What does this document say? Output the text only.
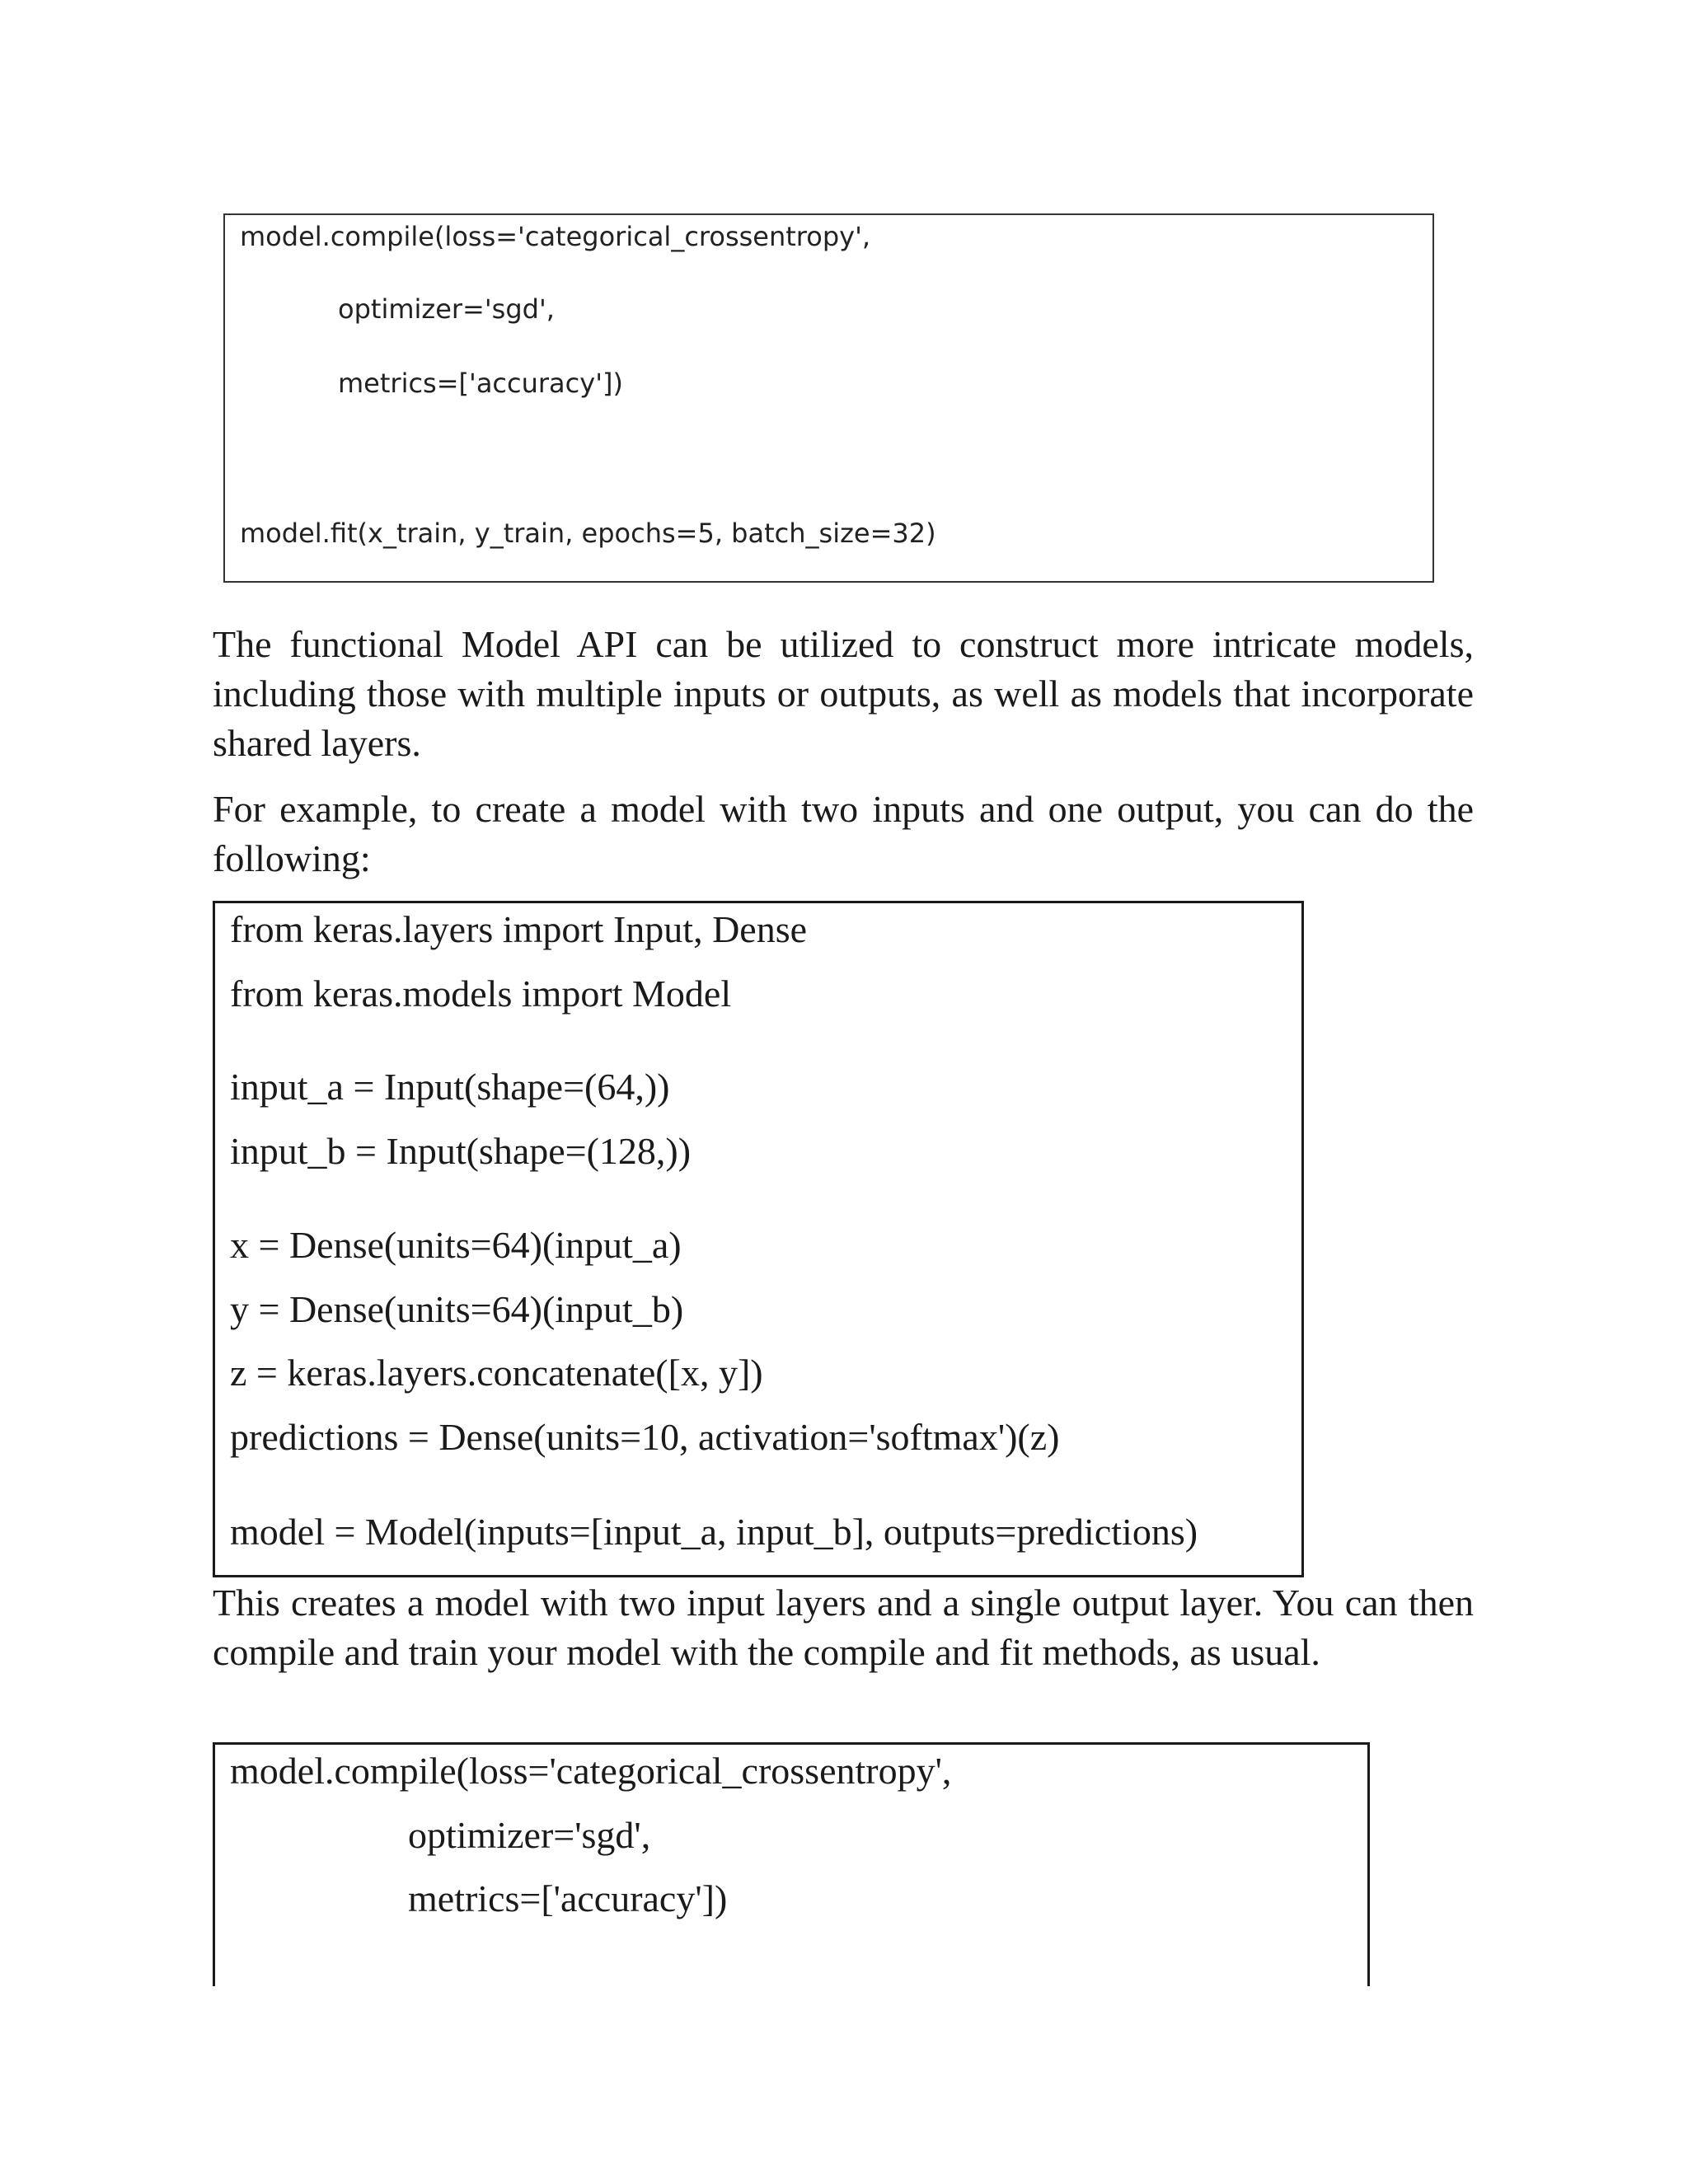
model.compile(loss='categorical_crossentropy',
optimizer='sgd',
metrics=['accuracy'])
model.fit(x_train, y_train, epochs=5, batch_size=32)

The functional Model API can be utilized to construct more intricate models, including those with multiple inputs or outputs, as well as models that incorporate shared layers.

For example, to create a model with two inputs and one output, you can do the following:

from keras.layers import Input, Dense
from keras.models import Model
input_a = Input(shape=(64,))
input_b = Input(shape=(128,))
x = Dense(units=64)(input_a)
y = Dense(units=64)(input_b)
z = keras.layers.concatenate([x, y])
predictions = Dense(units=10, activation='softmax')(z)
model = Model(inputs=[input_a, input_b], outputs=predictions)

This creates a model with two input layers and a single output layer. You can then compile and train your model with the compile and fit methods, as usual.

model.compile(loss='categorical_crossentropy',
optimizer='sgd',
metrics=['accuracy'])
